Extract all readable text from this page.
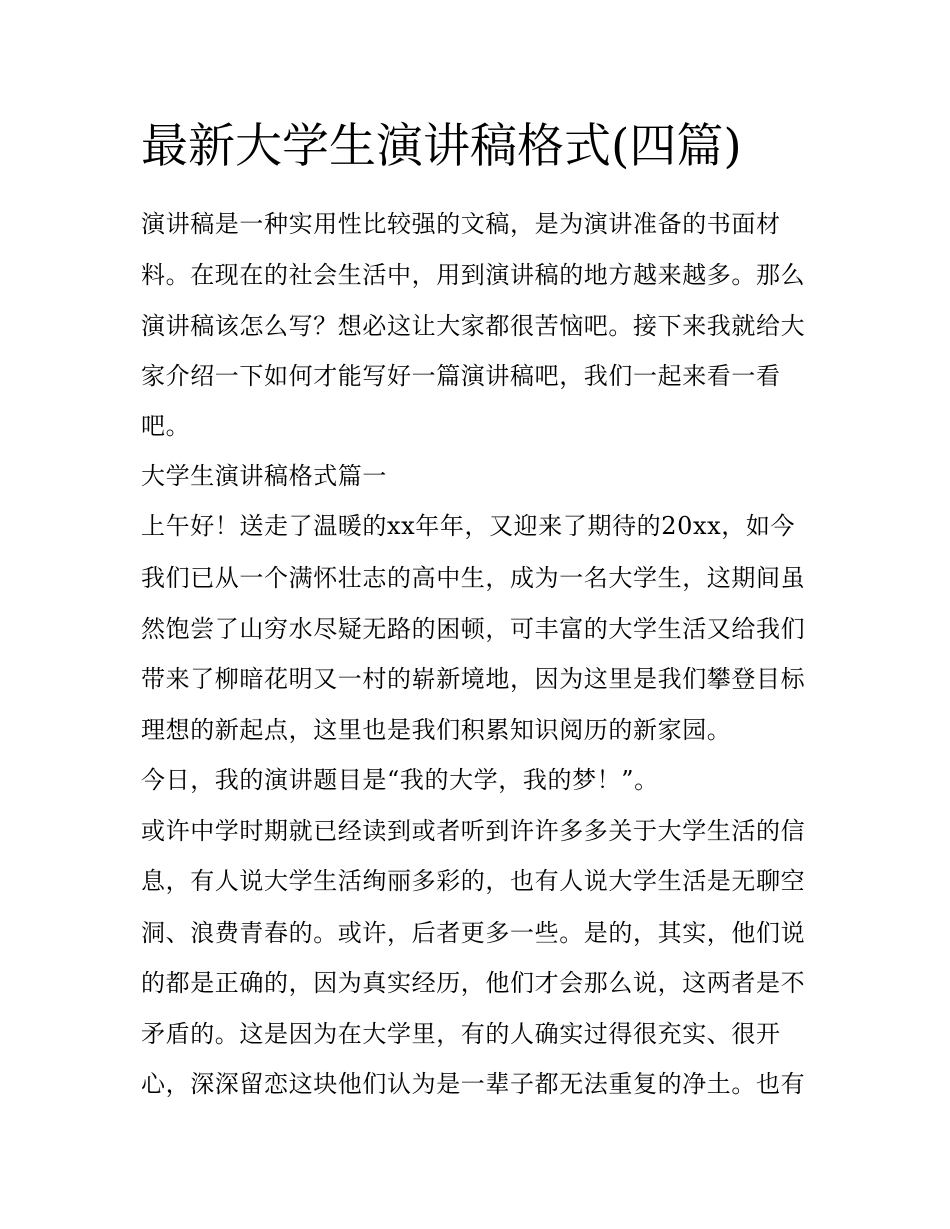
最新大学生演讲稿格式(四篇)

演讲稿是一种实用性比较强的文稿，是为演讲准备的书面材

料。在现在的社会生活中，用到演讲稿的地方越来越多。那么

演讲稿该怎么写？想必这让大家都很苦恼吧。接下来我就给大

家介绍一下如何才能写好一篇演讲稿吧，我们一起来看一看

吧。

大学生演讲稿格式篇一

上午好！送走了温暖的xx年年，又迎来了期待的20xx，如今

我们已从一个满怀壮志的高中生，成为一名大学生，这期间虽

然饱尝了山穷水尽疑无路的困顿，可丰富的大学生活又给我们

带来了柳暗花明又一村的崭新境地，因为这里是我们攀登目标

理想的新起点，这里也是我们积累知识阅历的新家园。

今日，我的演讲题目是“我的大学，我的梦！”。

或许中学时期就已经读到或者听到许许多多关于大学生活的信

息，有人说大学生活绚丽多彩的，也有人说大学生活是无聊空

洞、浪费青春的。或许，后者更多一些。是的，其实，他们说

的都是正确的，因为真实经历，他们才会那么说，这两者是不

矛盾的。这是因为在大学里，有的人确实过得很充实、很开

心，深深留恋这块他们认为是一辈子都无法重复的净土。也有
